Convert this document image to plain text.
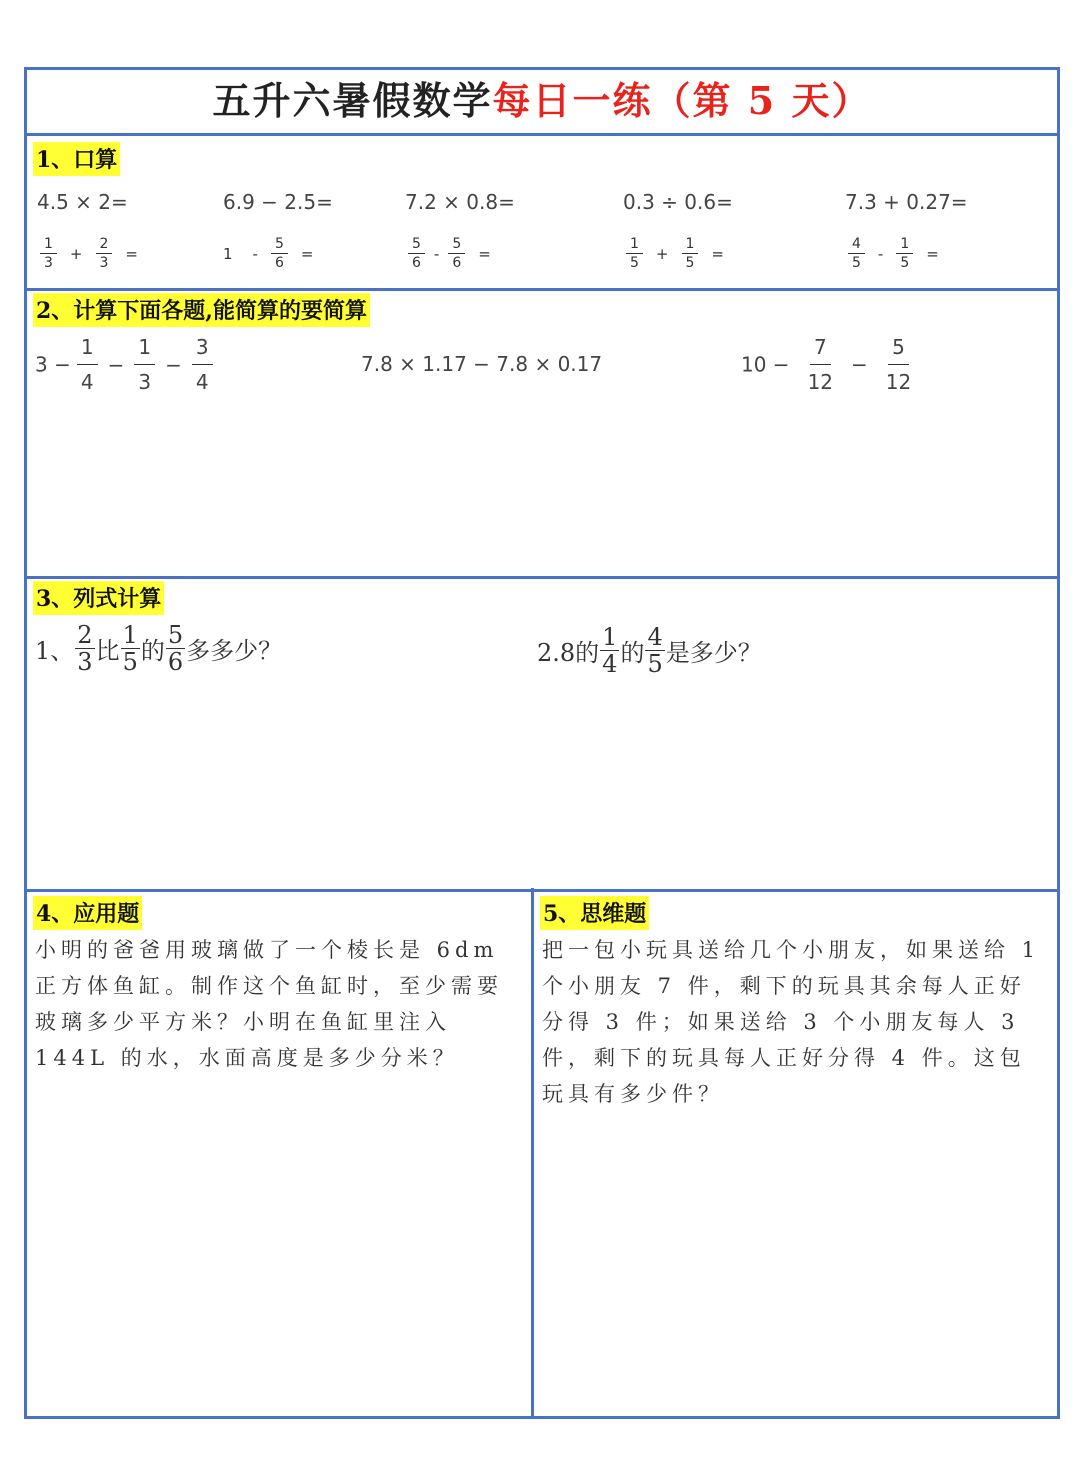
五升六暑假数学每日一练（第 5 天）
1、口算
4.5 × 2=	6.9 − 2.5=	7.2 × 0.8=	0.3 ÷ 0.6=	7.3 + 0.27=
$\frac{1}{3} + \frac{2}{3}$ =	$1 - \frac{5}{6}$ =	$\frac{5}{6} - \frac{5}{6}$ =	$\frac{1}{5} + \frac{1}{5}$ =	$\frac{4}{5} - \frac{1}{5}$ =
2、计算下面各题,能简算的要简算
$3 - \frac{1}{4} - \frac{1}{3} - \frac{3}{4}$	7.8 × 1.17 − 7.8 × 0.17	$10 - \frac{7}{12} - \frac{5}{12}$
3、列式计算
1、 $\frac{2}{3}$ 比 $\frac{1}{5}$ 的 $\frac{5}{6}$ 多多少？	2.8的 $\frac{1}{4}$ 的 $\frac{4}{5}$ 是多少？
4、应用题
小明的爸爸用玻璃做了一个棱长是 6dm 正方体鱼缸。制作这个鱼缸时，至少需要玻璃多少平方米？小明在鱼缸里注入 144L 的水，水面高度是多少分米？
5、思维题
把一包小玩具送给几个小朋友，如果送给 1 个小朋友 7 件，剩下的玩具其余每人正好分得 3 件；如果送给 3 个小朋友每人 3 件，剩下的玩具每人正好分得 4 件。这包玩具有多少件？
